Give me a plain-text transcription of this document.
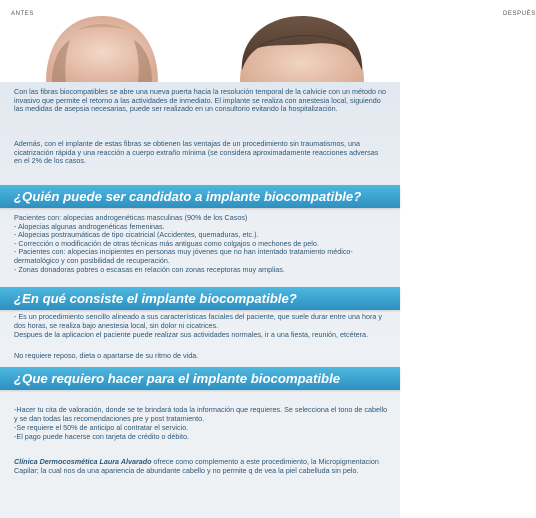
ANTES	DESPUÉS

Con las fibras biocompatibles se abre una nueva puerta hacia la resolución temporal de la calvicie con un método no invasivo que permite el retorno a las actividades de inmediato. El implante se realiza con anestesia local, siguiendo las medidas de asepsia necesarias, puede ser realizado en un consultorio evitando la hospitalización.

Además, con el implante de estas fibras se obtienen las ventajas de un procedimiento sin traumatismos, una cicatrización rápida y una reacción a cuerpo extraño mínima (se considera aproximadamente reacciones adversas en el 2% de los casos.

¿Quién puede ser candidato a implante biocompatible?
Pacientes con: alopecias androgenéticas masculinas (90% de los Casos)
- Alopecias algunas androgenéticas femeninas.
- Alopecias postraumáticas de tipo cicatricial (Accidentes, quemaduras, etc.).
- Corrección o modificación de otras técnicas más antiguas como colgajos o mechones de pelo.
- Pacientes con: alopecias incipientes en personas muy jóvenes que no han intentado tratamiento médico-dermatológico y con posibilidad de recuperación.
- Zonas donadoras pobres o escasas en relación con zonas receptoras muy amplias.
¿En qué consiste el implante biocompatible?

- Es un procedimiento sencillo alineado a sus características faciales del paciente, que suele durar entre una hora y dos horas, se realiza bajo anestesia local, sin dolor ni cicatrices.

Despues de la aplicacion el paciente puede realizar sus actividades normales, ir a una fiesta, reunión, etcétera.

No requiere reposo, dieta o apartarse de su ritmo de vida.

¿Que requiero hacer para el implante biocompatible

-Hacer tu cita de valoración, donde se te brindará toda la información que requieres. Se selecciona el tono de cabello y se dan todas las recomendaciones pre y post tratamiento.

-Se requiere el 50% de anticipo al contratar el servicio.

-El pago puede hacerse con tarjeta de crédito o débito.

Clínica Dermocosmética Laura Alvarado ofrece como complemento a este procedimiento, la Micropigmentacion Capilar; la cual nos da una apariencia de abundante cabello y no permite q de vea la piel cabelluda sin pelo.
